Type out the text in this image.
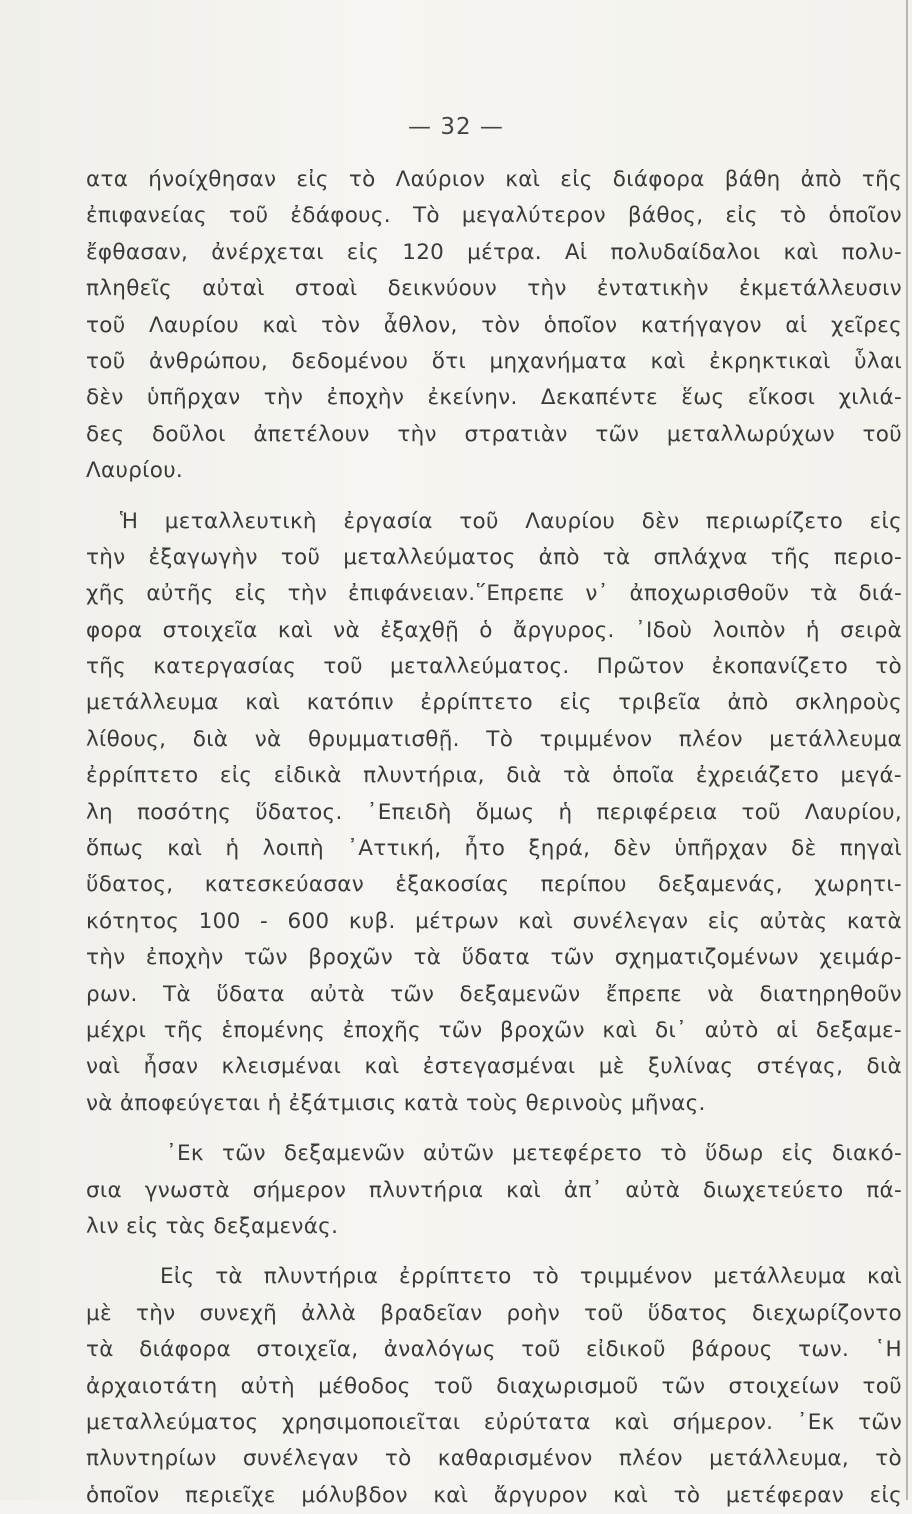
— 32 —
ατα ήνοίχθησαν εἰς τὸ Λαύριον καὶ εἰς διάφορα βάθη ἀπὸ τῆς
ἐπιφανείας τοῦ ἐδάφους. Τὸ μεγαλύτερον βάθος, εἰς τὸ ὁποῖον
ἔφθασαν, ἀνέρχεται εἰς 120 μέτρα. Αἱ πολυδαίδαλοι καὶ πολυ-
πληθεῖς αὐταὶ στοαὶ δεικνύουν τὴν ἐντατικὴν ἐκμετάλλευσιν
τοῦ Λαυρίου καὶ τὸν ἆθλον, τὸν ὁποῖον κατήγαγον αἱ χεῖρες
τοῦ ἀνθρώπου, δεδομένου ὅτι μηχανήματα καὶ ἐκρηκτικαὶ ὗλαι
δὲν ὑπῆρχαν τὴν ἐποχὴν ἐκείνην. Δεκαπέντε ἕως εἴκοσι χιλιά-
δες δοῦλοι ἀπετέλουν τὴν στρατιὰν τῶν μεταλλωρύχων τοῦ
Λαυρίου.
Ἡ μεταλλευτικὴ ἐργασία τοῦ Λαυρίου δὲν περιωρίζετο εἰς
τὴν ἐξαγωγὴν τοῦ μεταλλεύματος ἀπὸ τὰ σπλάχνα τῆς περιο-
χῆς αὐτῆς εἰς τὴν ἐπιφάνειαν.῞Επρεπε ν᾿ ἀποχωρισθοῦν τὰ διά-
φορα στοιχεῖα καὶ νὰ ἐξαχθῇ ὁ ἄργυρος. ᾿Ιδοὺ λοιπὸν ἡ σειρὰ
τῆς κατεργασίας τοῦ μεταλλεύματος. Πρῶτον ἐκοπανίζετο τὸ
μετάλλευμα καὶ κατόπιν ἐρρίπτετο εἰς τριβεῖα ἀπὸ σκληροὺς
λίθους, διὰ νὰ θρυμματισθῇ. Τὸ τριμμένον πλέον μετάλλευμα
ἐρρίπτετο εἰς εἰδικὰ πλυντήρια, διὰ τὰ ὁποῖα ἐχρειάζετο μεγά-
λη ποσότης ὕδατος. ᾿Επειδὴ ὅμως ἡ περιφέρεια τοῦ Λαυρίου,
ὅπως καὶ ἡ λοιπὴ ᾿Αττική, ἦτο ξηρά, δὲν ὑπῆρχαν δὲ πηγαὶ
ὕδατος, κατεσκεύασαν ἑξακοσίας περίπου δεξαμενάς, χωρητι-
κότητος 100 - 600 κυβ. μέτρων καὶ συνέλεγαν εἰς αὐτὰς κατὰ
τὴν ἐποχὴν τῶν βροχῶν τὰ ὕδατα τῶν σχηματιζομένων χειμάρ-
ρων. Τὰ ὕδατα αὐτὰ τῶν δεξαμενῶν ἔπρεπε νὰ διατηρηθοῦν
μέχρι τῆς ἑπομένης ἐποχῆς τῶν βροχῶν καὶ δι᾿ αὐτὸ αἱ δεξαμε-
ναὶ ἦσαν κλεισμέναι καὶ ἐστεγασμέναι μὲ ξυλίνας στέγας, διὰ
νὰ ἀποφεύγεται ἡ ἐξάτμισις κατὰ τοὺς θερινοὺς μῆνας.
᾿Εκ τῶν δεξαμενῶν αὐτῶν μετεφέρετο τὸ ὕδωρ εἰς διακό-
σια γνωστὰ σήμερον πλυντήρια καὶ ἀπ᾿ αὐτὰ διωχετεύετο πά-
λιν εἰς τὰς δεξαμενάς.
Εἰς τὰ πλυντήρια ἐρρίπτετο τὸ τριμμένον μετάλλευμα καὶ
μὲ τὴν συνεχῆ ἀλλὰ βραδεῖαν ροὴν τοῦ ὕδατος διεχωρίζοντο
τὰ διάφορα στοιχεῖα, ἀναλόγως τοῦ εἰδικοῦ βάρους των. ῾Η
ἀρχαιοτάτη αὐτὴ μέθοδος τοῦ διαχωρισμοῦ τῶν στοιχείων τοῦ
μεταλλεύματος χρησιμοποιεῖται εὐρύτατα καὶ σήμερον. ᾿Εκ τῶν
πλυντηρίων συνέλεγαν τὸ καθαρισμένον πλέον μετάλλευμα, τὸ
ὁποῖον περιεῖχε μόλυβδον καὶ ἄργυρον καὶ τὸ μετέφεραν εἰς
